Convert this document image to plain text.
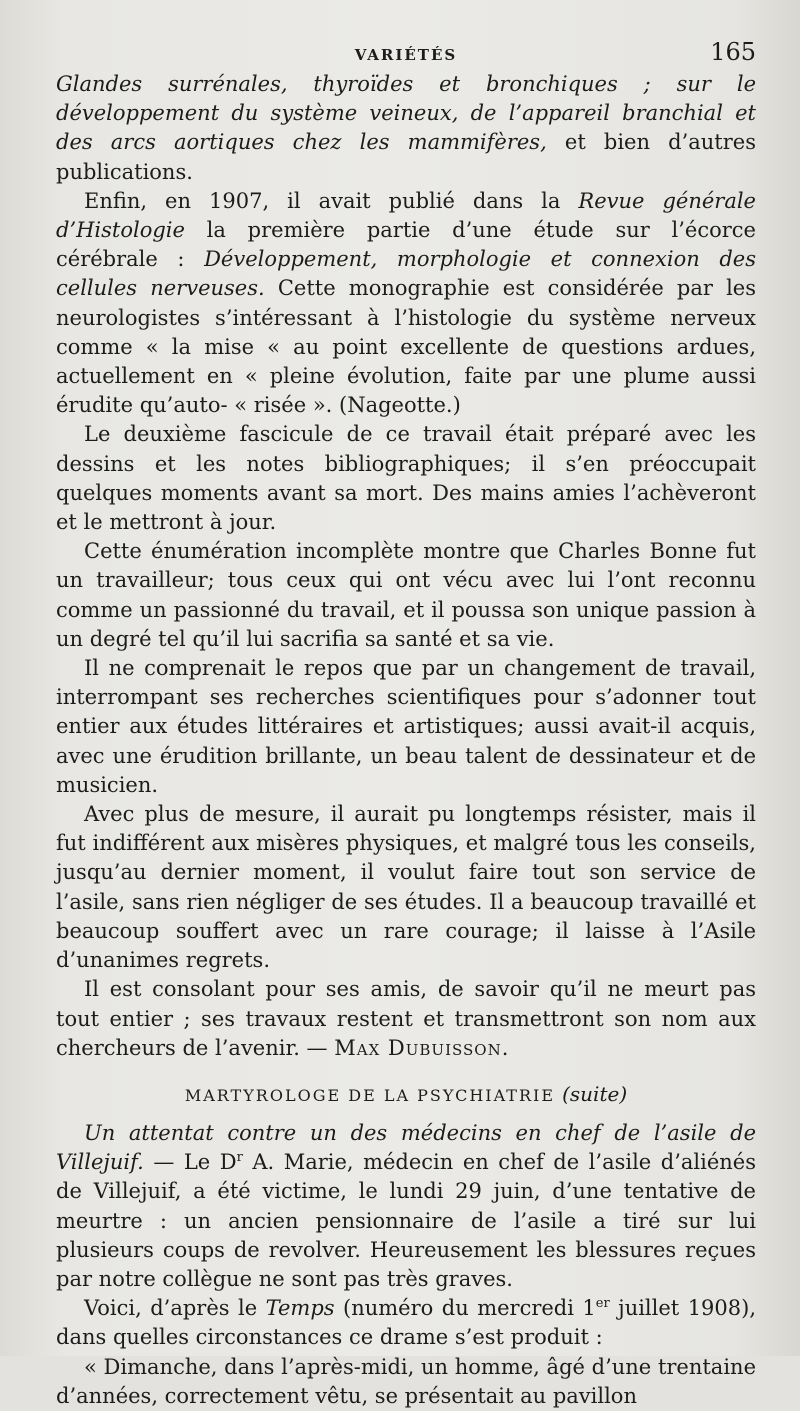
VARIÉTÉS	165

Glandes surrénales, thyroïdes et bronchiques ; sur le développement du système veineux, de l’appareil branchial et des arcs aortiques chez les mammifères, et bien d’autres publications.

Enfin, en 1907, il avait publié dans la Revue générale d’Histologie la première partie d’une étude sur l’écorce cérébrale : Développement, morphologie et connexion des cellules nerveuses. Cette monographie est considérée par les neurologistes s’intéressant à l’histologie du système nerveux comme « la mise « au point excellente de questions ardues, actuellement en « pleine évolution, faite par une plume aussi érudite qu’auto- « risée ». (Nageotte.)

Le deuxième fascicule de ce travail était préparé avec les dessins et les notes bibliographiques; il s’en préoccupait quelques moments avant sa mort. Des mains amies l’achèveront et le mettront à jour.

Cette énumération incomplète montre que Charles Bonne fut un travailleur; tous ceux qui ont vécu avec lui l’ont reconnu comme un passionné du travail, et il poussa son unique passion à un degré tel qu’il lui sacrifia sa santé et sa vie.

Il ne comprenait le repos que par un changement de travail, interrompant ses recherches scientifiques pour s’adonner tout entier aux études littéraires et artistiques; aussi avait-il acquis, avec une érudition brillante, un beau talent de dessinateur et de musicien.

Avec plus de mesure, il aurait pu longtemps résister, mais il fut indifférent aux misères physiques, et malgré tous les conseils, jusqu’au dernier moment, il voulut faire tout son service de l’asile, sans rien négliger de ses études. Il a beaucoup travaillé et beaucoup souffert avec un rare courage; il laisse à l’Asile d’unanimes regrets.

Il est consolant pour ses amis, de savoir qu’il ne meurt pas tout entier ; ses travaux restent et transmettront son nom aux chercheurs de l’avenir. — Max Dubuisson.

MARTYROLOGE DE LA PSYCHIATRIE (suite)

Un attentat contre un des médecins en chef de l’asile de Villejuif. — Le $D^r$ A. Marie, médecin en chef de l’asile d’aliénés de Villejuif, a été victime, le lundi 29 juin, d’une tentative de meurtre : un ancien pensionnaire de l’asile a tiré sur lui plusieurs coups de revolver. Heureusement les blessures reçues par notre collègue ne sont pas très graves.

Voici, d’après le Temps (numéro du mercredi 1er juillet 1908), dans quelles circonstances ce drame s’est produit :

« Dimanche, dans l’après-midi, un homme, âgé d’une trentaine d’années, correctement vêtu, se présentait au pavillon
